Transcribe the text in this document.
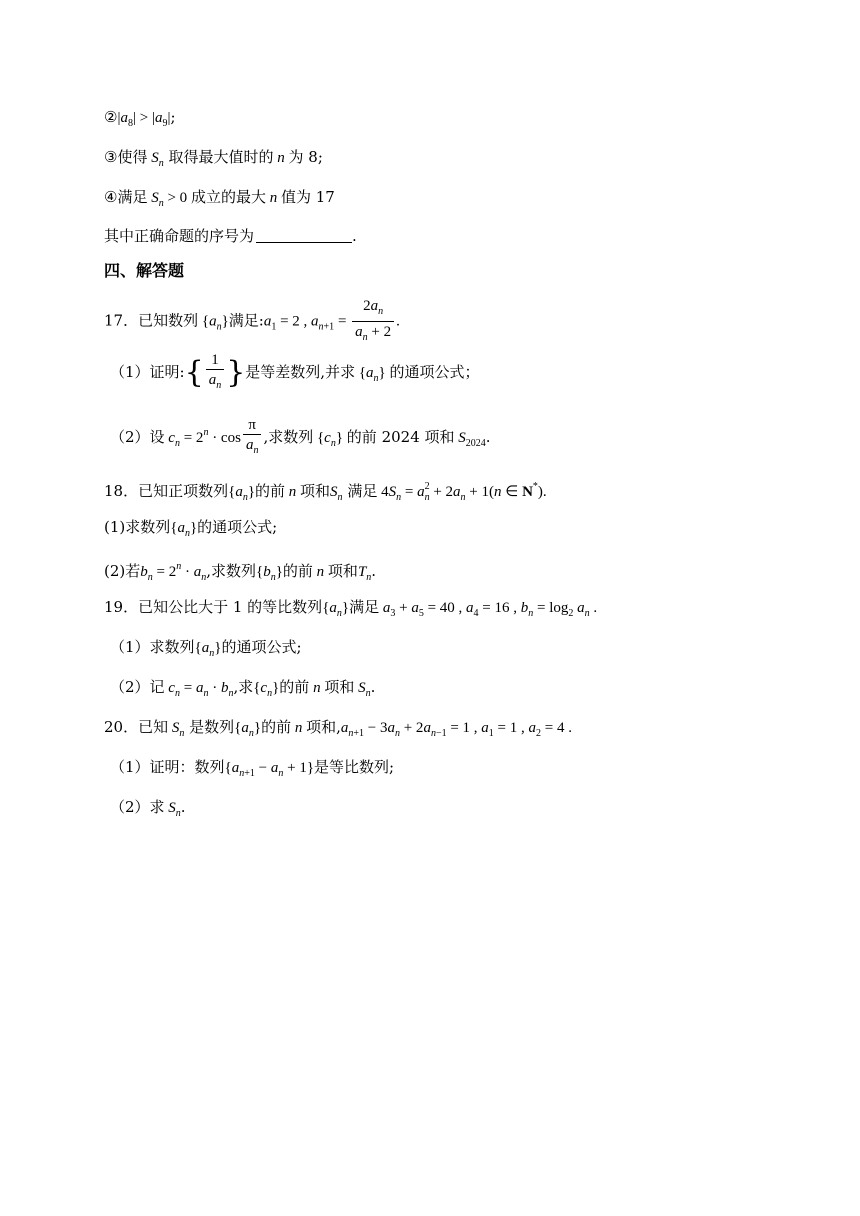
$②|a_8| > |a_9|$;
③使得 $S_n$ 取得最大值时的 n 为 8;
④满足 $S_n > 0$ 成立的最大 n 值为 17
其中正确命题的序号为	.
四、解答题
17．已知数列 $\{a_n\}$满足$:a_1 = 2$ , $a_{n+1} = \frac{2a_n}{a_n + 2}$ .
（1）证明:{ $\frac{1}{a_n}$ }是等差数列,并求 $\{a_n\}$ 的通项公式；
（2）设 $c_n = 2^n \cdot \cos \frac{\pi}{a_n}$ ,求数列 $\{c_n\}$ 的前 2024 项和 $S_{2024}$.
18．已知正项数列$\{a_n\}$的前 n 项和$S_n$ 满足 $4S_n = a_n^2 + 2a_n + 1(n$ ∈ N*).
(1)求数列$\{a_n\}$的通项公式;
(2)若$b_n = 2^n \cdot a_n$,求数列$\{b_n\}$的前 n 项和$T_n$.
19．已知公比大于 1 的等比数列$\{a_n\}$满足 $a_3 + a_5 = 40$ , $a_4 = 16$ , $b_n = \log_2 a_n$ .
（1）求数列$\{a_n\}$的通项公式;
（2）记 $c_n = a_n \cdot b_n$,求$\{c_n\}$的前 n 项和 $S_n$.
20．已知 $S_n$ 是数列$\{a_n\}$的前 n 项和$,a_{n+1} - 3a_n + 2a_{n-1} = 1$ , $a_1 = 1$ , $a_2 = 4$ .
（1）证明：数列$\{a_{n+1} - a_n + 1\}$是等比数列;
（2）求 $S_n$.
